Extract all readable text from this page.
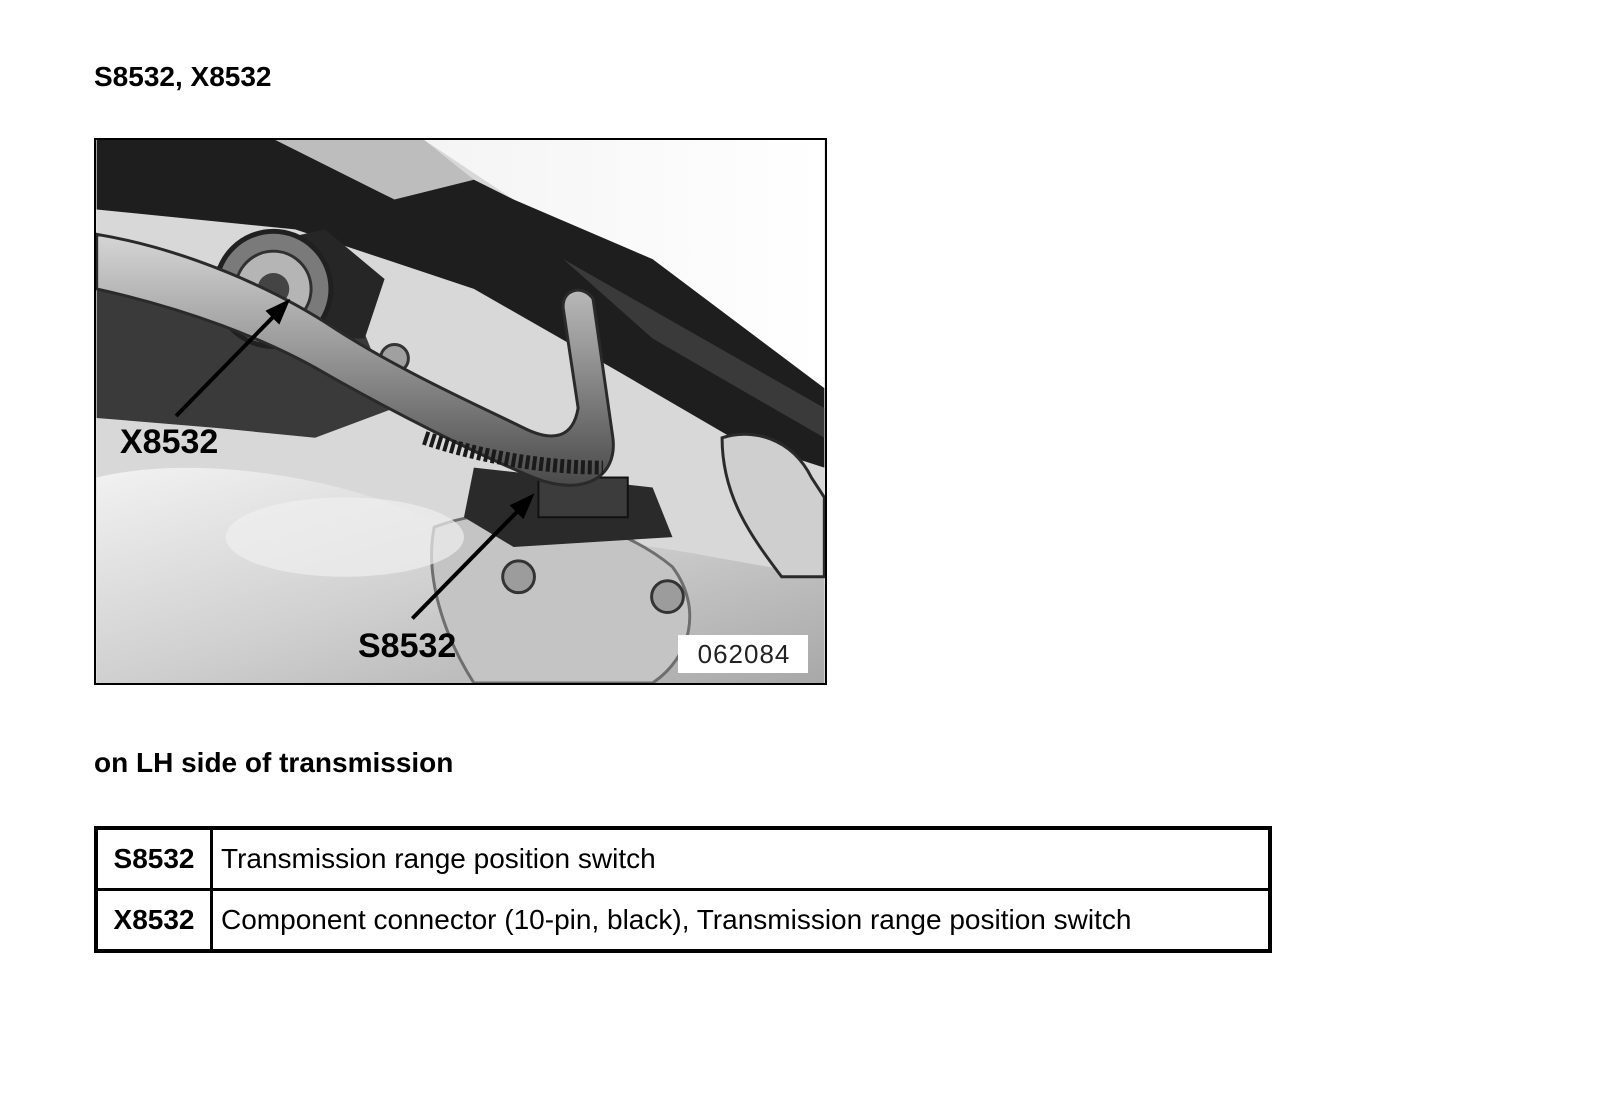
S8532, X8532
X8532
S8532	062084
on LH side of transmission
S8532	Transmission range position switch
X8532	Component connector (10-pin, black), Transmission range position switch
